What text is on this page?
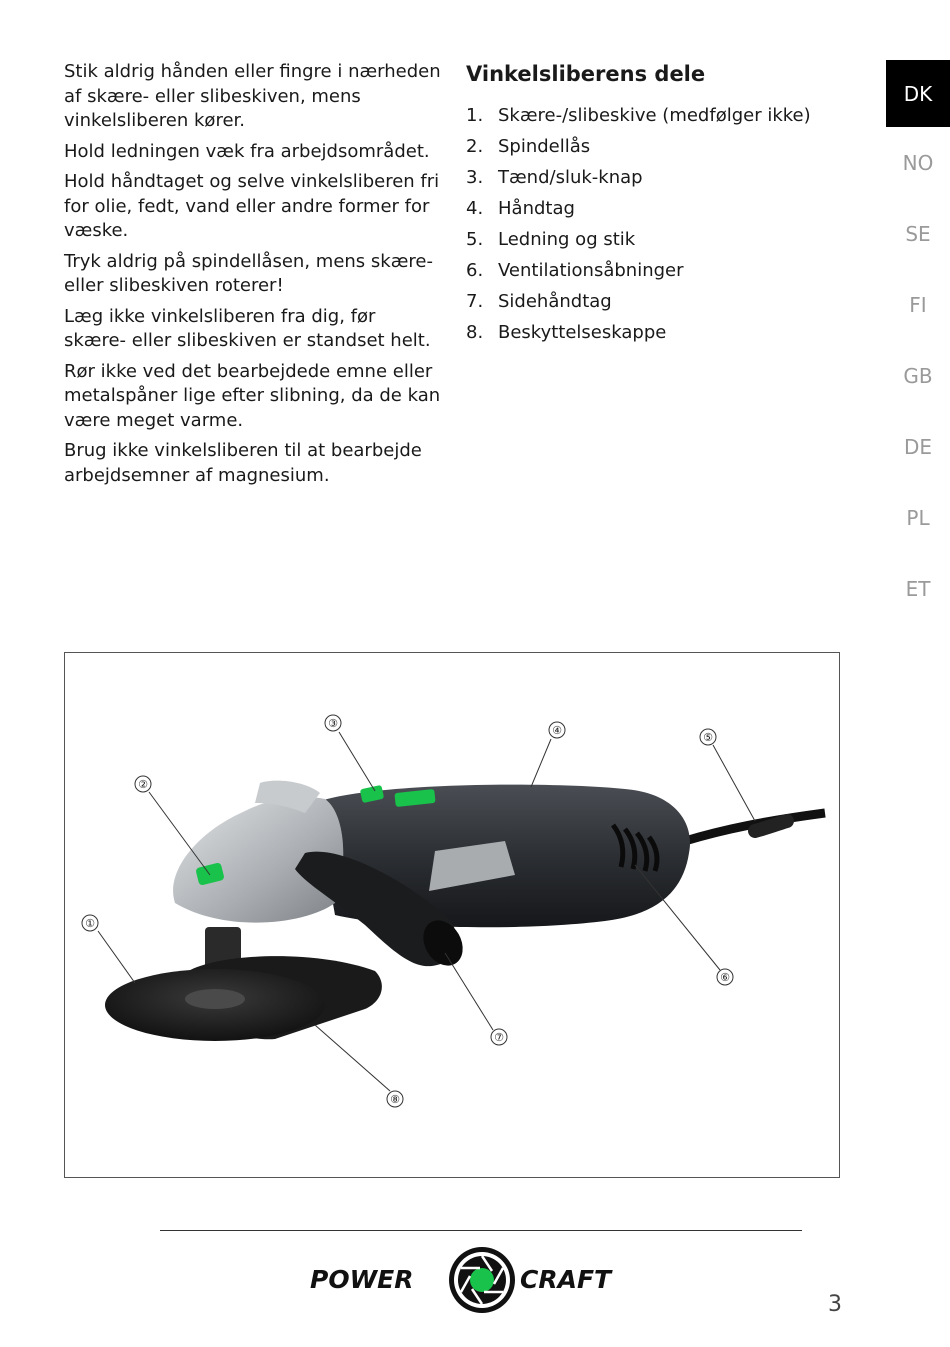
Stik aldrig hånden eller fingre i nærheden af skære- eller slibeskiven, mens vinkelsliberen kører.

Hold ledningen væk fra arbejdsområdet.

Hold håndtaget og selve vinkelsliberen fri for olie, fedt, vand eller andre former for væske.

Tryk aldrig på spindellåsen, mens skære- eller slibeskiven roterer!

Læg ikke vinkelsliberen fra dig, før skære- eller slibeskiven er standset helt.

Rør ikke ved det bearbejdede emne eller metalspåner lige efter slibning, da de kan være meget varme.

Brug ikke vinkelsliberen til at bearbejde arbejdsemner af magnesium.

Vinkelsliberens dele
1. Skære-/slibeskive (medfølger ikke)
2. Spindellås
3. Tænd/sluk-knap
4. Håndtag
5. Ledning og stik
6. Ventilationsåbninger
7. Sidehåndtag
8. Beskyttelseskappe
DK
NO
SE
FI
GB
DE
PL
ET
①
②
③
④
⑤
⑥
⑦
⑧
POWER	CRAFT
3
